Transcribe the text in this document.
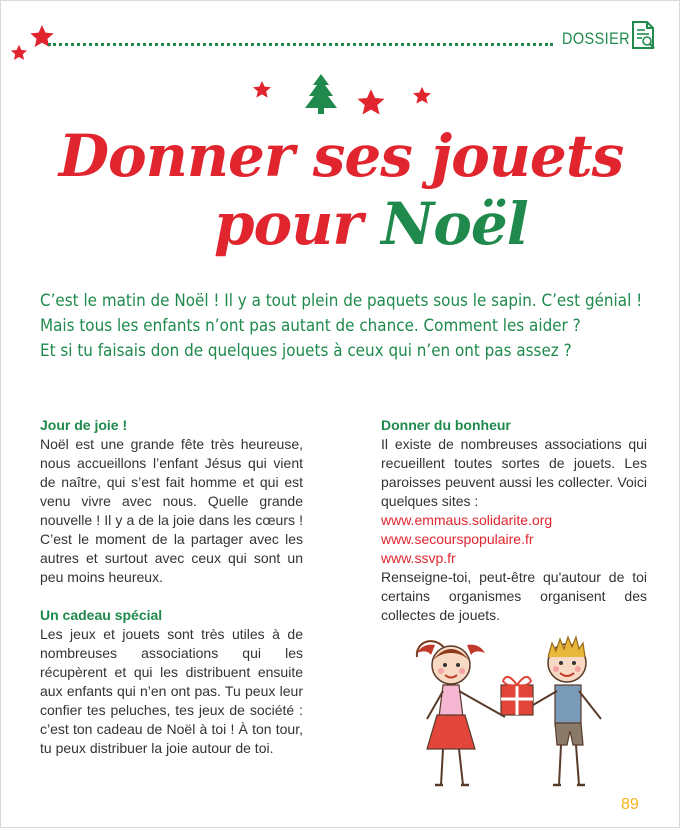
DOSSIER
Donner ses jouets
pour Noël

C’est le matin de Noël ! Il y a tout plein de paquets sous le sapin. C’est génial !

Mais tous les enfants n’ont pas autant de chance. Comment les aider ?

Et si tu faisais don de quelques jouets à ceux qui n’en ont pas assez ?

Jour de joie !

Noël est une grande fête très heureuse, nous accueillons l’enfant Jésus qui vient de naître, qui s’est fait homme et qui est venu vivre avec nous. Quelle grande nouvelle ! Il y a de la joie dans les cœurs ! C’est le moment de la partager avec les autres et surtout avec ceux qui sont un peu moins heureux.

Un cadeau spécial

Les jeux et jouets sont très utiles à de nombreuses associations qui les récupèrent et qui les distribuent ensuite aux enfants qui n’en ont pas. Tu peux leur confier tes peluches, tes jeux de société : c’est ton cadeau de Noël à toi ! À ton tour, tu peux distribuer la joie autour de toi.

Donner du bonheur

Il existe de nombreuses associations qui recueillent toutes sortes de jouets. Les paroisses peuvent aussi les collecter. Voici quelques sites :

www.emmaus.solidarite.org
www.secourspopulaire.fr
www.ssvp.fr

Renseigne-toi, peut-être qu'autour de toi certains organismes organisent des collectes de jouets.

89
